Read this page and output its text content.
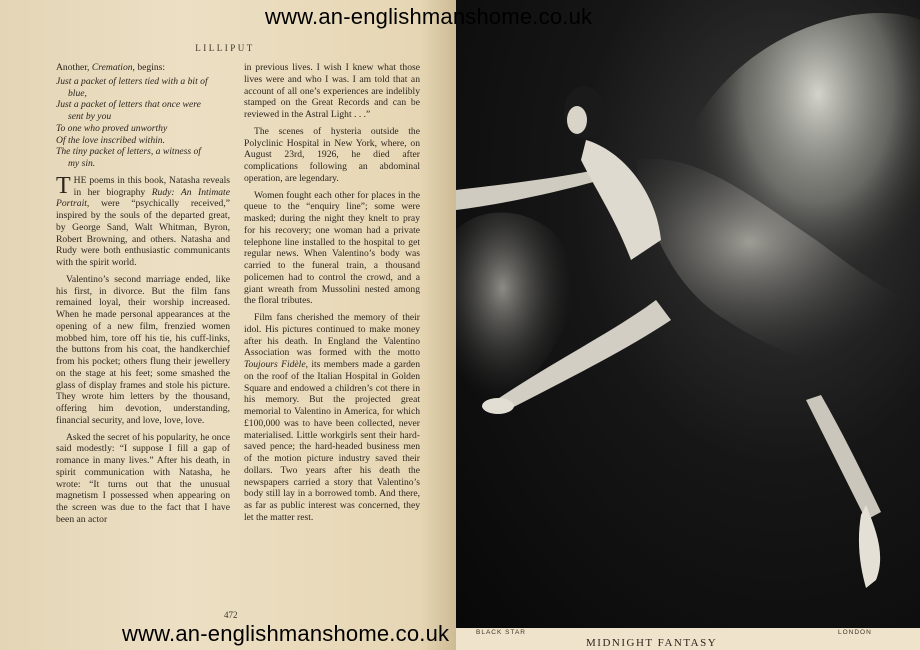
LILLIPUT

Another, Cremation, begins:

Just a packet of letters tied with a bit of
blue,
Just a packet of letters that once were
sent by you
To one who proved unworthy
Of the love inscribed within.
The tiny packet of letters, a witness of
my sin.

THE poems in this book, Natasha reveals in her biography Rudy: An Intimate Portrait, were “psychically received,” inspired by the souls of the departed great, by George Sand, Walt Whitman, Byron, Robert Browning, and others. Natasha and Rudy were both enthusiastic communicants with the spirit world.

Valentino’s second marriage ended, like his first, in divorce. But the film fans remained loyal, their worship increased. When he made personal appearances at the opening of a new film, frenzied women mobbed him, tore off his tie, his cuff-links, the buttons from his coat, the handkerchief from his pocket; others flung their jewellery on the stage at his feet; some smashed the glass of display frames and stole his picture. They wrote him letters by the thousand, offering him devotion, understanding, financial security, and love, love, love.

Asked the secret of his popularity, he once said modestly: “I suppose I fill a gap of romance in many lives.” After his death, in spirit communication with Natasha, he wrote: “It turns out that the unusual magnetism I possessed when appearing on the screen was due to the fact that I have been an actor

in previous lives. I wish I knew what those lives were and who I was. I am told that an account of all one’s experiences are indelibly stamped on the Great Records and can be reviewed in the Astral Light . . .”

The scenes of hysteria outside the Polyclinic Hospital in New York, where, on August 23rd, 1926, he died after complications following an abdominal operation, are legendary.

Women fought each other for places in the queue to the “enquiry line”; some were masked; during the night they knelt to pray for his recovery; one woman had a private telephone line installed to the hospital to get regular news. When Valentino’s body was carried to the funeral train, a thousand policemen had to control the crowd, and a giant wreath from Mussolini nested among the floral tributes.

Film fans cherished the memory of their idol. His pictures continued to make money after his death. In England the Valentino Association was formed with the motto Toujours Fidèle, its members made a garden on the roof of the Italian Hospital in Golden Square and endowed a children’s cot there in his memory. But the projected great memorial to Valentino in America, for which £100,000 was to have been collected, never materialised. Little workgirls sent their hard-saved pence; the hard-headed business men of the motion picture industry saved their dollars. Two years after his death the newspapers carried a story that Valentino’s body still lay in a borrowed tomb. And there, as far as public interest was concerned, they let the matter rest.

472
C
BLACK STAR	LONDON
MIDNIGHT FANTASY
www.an-englishmanshome.co.uk
www.an-englishmanshome.co.uk
